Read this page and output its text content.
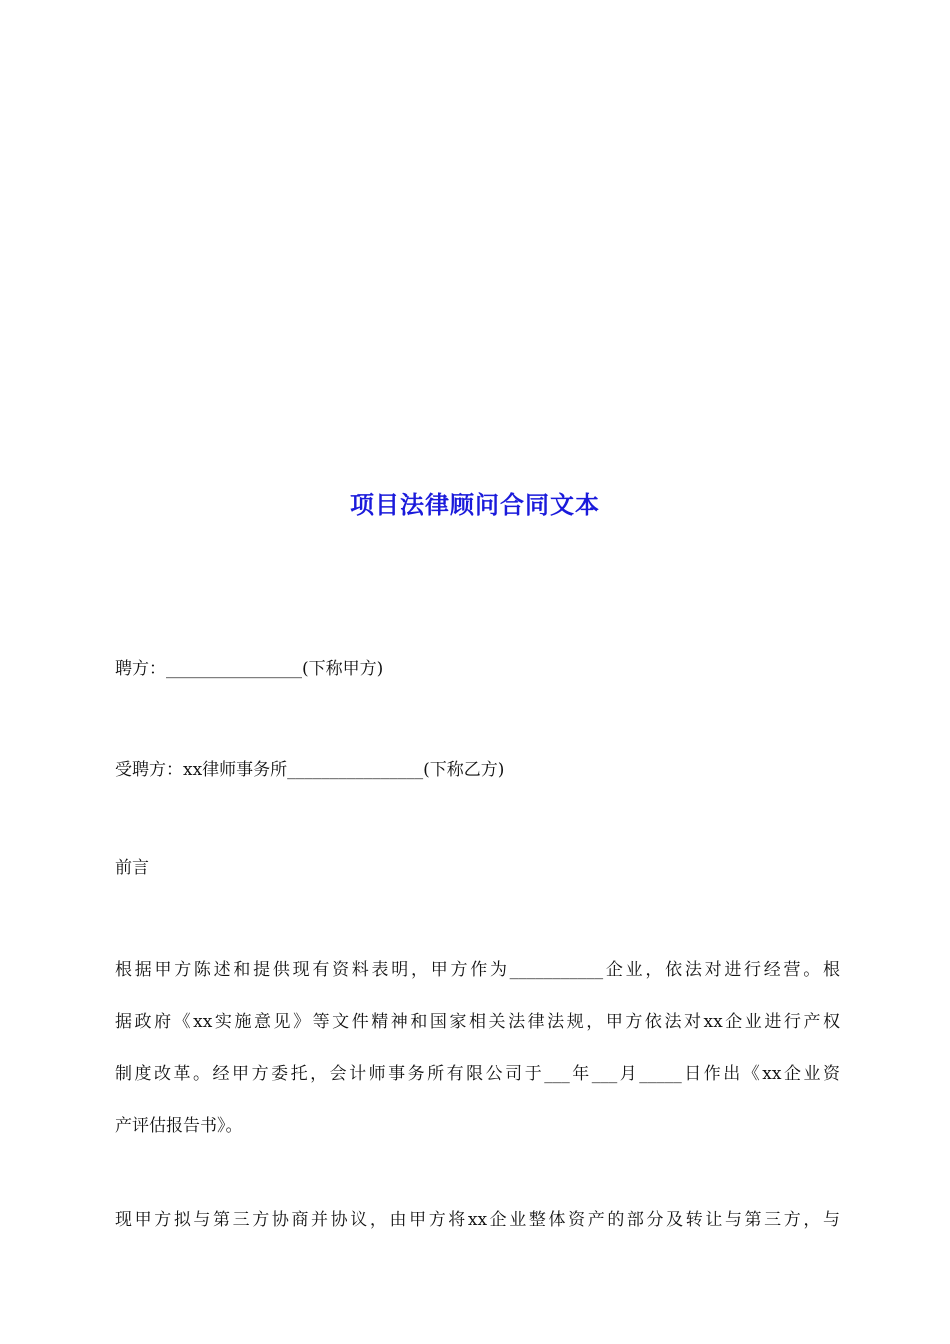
项目法律顾问合同文本

聘方：________________(下称甲方)

受聘方：xx律师事务所________________(下称乙方)

前言

根据甲方陈述和提供现有资料表明，甲方作为___________企业，依法对进行经营。根
据政府《xx实施意见》等文件精神和国家相关法律法规，甲方依法对xx企业进行产权
制度改革。经甲方委托，会计师事务所有限公司于___年___月_____日作出《xx企业资
产评估报告书》。
现甲方拟与第三方协商并协议，由甲方将xx企业整体资产的部分及转让与第三方，与
